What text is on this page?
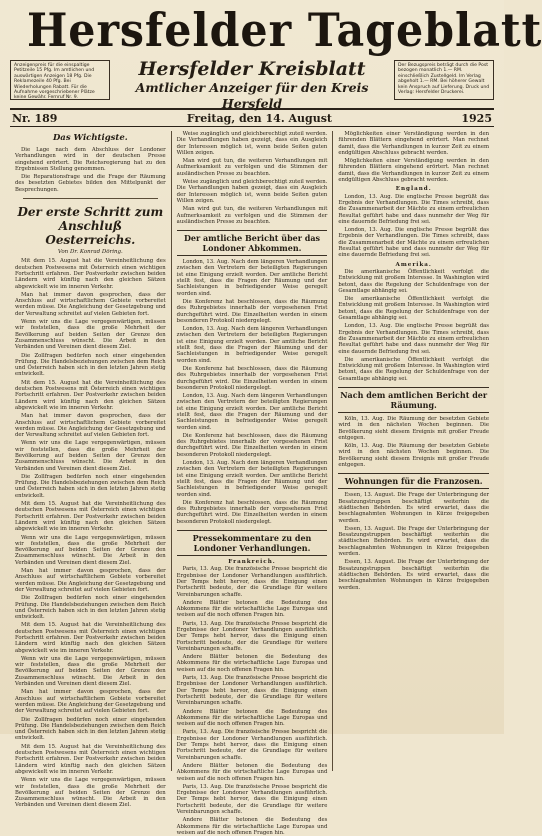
Hersfelder Tageblatt
Anzeigenpreis für die einspaltige Petitzeile 15 Pfg. Im amtlichen und auswärtigen Anzeigen 18 Pfg. Die Reklamezeile 40 Pfg. Bei Wiederholungen Rabatt. Für die Aufnahme vorgeschriebener Plätze keine Gewähr. Fernruf Nr. 9.
Hersfelder Kreisblatt
Amtlicher Anzeiger für den Kreis Hersfeld
Der Bezugspreis beträgt durch die Post bezogen monatlich 1.— RM. einschließlich Zustellgeld. Im Verlag abgeholt 1.— RM. Bei höherer Gewalt kein Anspruch auf Lieferung. Druck und Verlag: Hersfelder Druckerei.
Nr. 189	Freitag, den 14. August	1925
Das Wichtigste.

Die Lage nach dem Abschluss der Londoner Verhandlungen wird in der deutschen Presse eingehend erörtert. Die Reichsregierung hat zu den Ergebnissen Stellung genommen.

Die Reparationsfrage und die Frage der Räumung des besetzten Gebietes bilden den Mittelpunkt der Besprechungen.

Der erste Schritt zum Anschluß Oesterreichs.
Von Dr. Konrad Döring.

Mit dem 15. August hat die Vereinheitlichung des deutschen Postwesens mit Österreich einen wichtigen Fortschritt erfahren. Der Postverkehr zwischen beiden Ländern wird künftig nach den gleichen Sätzen abgewickelt wie im inneren Verkehr.

Man hat immer davon gesprochen, dass der Anschluss auf wirtschaftlichem Gebiete vorbereitet werden müsse. Die Angleichung der Gesetzgebung und der Verwaltung schreitet auf vielen Gebieten fort.

Wenn wir uns die Lage vergegenwärtigen, müssen wir feststellen, dass die große Mehrheit der Bevölkerung auf beiden Seiten der Grenze den Zusammenschluss wünscht. Die Arbeit in den Verbänden und Vereinen dient diesem Ziel.

Die Zollfragen bedürfen noch einer eingehenden Prüfung. Die Handelsbeziehungen zwischen dem Reich und Österreich haben sich in den letzten Jahren stetig entwickelt.

Mit dem 15. August hat die Vereinheitlichung des deutschen Postwesens mit Österreich einen wichtigen Fortschritt erfahren. Der Postverkehr zwischen beiden Ländern wird künftig nach den gleichen Sätzen abgewickelt wie im inneren Verkehr.

Man hat immer davon gesprochen, dass der Anschluss auf wirtschaftlichem Gebiete vorbereitet werden müsse. Die Angleichung der Gesetzgebung und der Verwaltung schreitet auf vielen Gebieten fort.

Wenn wir uns die Lage vergegenwärtigen, müssen wir feststellen, dass die große Mehrheit der Bevölkerung auf beiden Seiten der Grenze den Zusammenschluss wünscht. Die Arbeit in den Verbänden und Vereinen dient diesem Ziel.

Die Zollfragen bedürfen noch einer eingehenden Prüfung. Die Handelsbeziehungen zwischen dem Reich und Österreich haben sich in den letzten Jahren stetig entwickelt.

Mit dem 15. August hat die Vereinheitlichung des deutschen Postwesens mit Österreich einen wichtigen Fortschritt erfahren. Der Postverkehr zwischen beiden Ländern wird künftig nach den gleichen Sätzen abgewickelt wie im inneren Verkehr.

Wenn wir uns die Lage vergegenwärtigen, müssen wir feststellen, dass die große Mehrheit der Bevölkerung auf beiden Seiten der Grenze den Zusammenschluss wünscht. Die Arbeit in den Verbänden und Vereinen dient diesem Ziel.

Man hat immer davon gesprochen, dass der Anschluss auf wirtschaftlichem Gebiete vorbereitet werden müsse. Die Angleichung der Gesetzgebung und der Verwaltung schreitet auf vielen Gebieten fort.

Die Zollfragen bedürfen noch einer eingehenden Prüfung. Die Handelsbeziehungen zwischen dem Reich und Österreich haben sich in den letzten Jahren stetig entwickelt.

Mit dem 15. August hat die Vereinheitlichung des deutschen Postwesens mit Österreich einen wichtigen Fortschritt erfahren. Der Postverkehr zwischen beiden Ländern wird künftig nach den gleichen Sätzen abgewickelt wie im inneren Verkehr.

Wenn wir uns die Lage vergegenwärtigen, müssen wir feststellen, dass die große Mehrheit der Bevölkerung auf beiden Seiten der Grenze den Zusammenschluss wünscht. Die Arbeit in den Verbänden und Vereinen dient diesem Ziel.

Man hat immer davon gesprochen, dass der Anschluss auf wirtschaftlichem Gebiete vorbereitet werden müsse. Die Angleichung der Gesetzgebung und der Verwaltung schreitet auf vielen Gebieten fort.

Die Zollfragen bedürfen noch einer eingehenden Prüfung. Die Handelsbeziehungen zwischen dem Reich und Österreich haben sich in den letzten Jahren stetig entwickelt.

Mit dem 15. August hat die Vereinheitlichung des deutschen Postwesens mit Österreich einen wichtigen Fortschritt erfahren. Der Postverkehr zwischen beiden Ländern wird künftig nach den gleichen Sätzen abgewickelt wie im inneren Verkehr.

Wenn wir uns die Lage vergegenwärtigen, müssen wir feststellen, dass die große Mehrheit der Bevölkerung auf beiden Seiten der Grenze den Zusammenschluss wünscht. Die Arbeit in den Verbänden und Vereinen dient diesem Ziel.

Weise zugänglich und gleichberechtigt zuteil werden. Die Verhandlungen haben gezeigt, dass ein Ausgleich der Interessen möglich ist, wenn beide Seiten guten Willen zeigen.

Man wird gut tun, die weiteren Verhandlungen mit Aufmerksamkeit zu verfolgen und die Stimmen der ausländischen Presse zu beachten.

Weise zugänglich und gleichberechtigt zuteil werden. Die Verhandlungen haben gezeigt, dass ein Ausgleich der Interessen möglich ist, wenn beide Seiten guten Willen zeigen.

Man wird gut tun, die weiteren Verhandlungen mit Aufmerksamkeit zu verfolgen und die Stimmen der ausländischen Presse zu beachten.

Der amtliche Bericht über das Londoner Abkommen.

London, 13. Aug. Nach dem längeren Verhandlungen zwischen den Vertretern der beteiligten Regierungen ist eine Einigung erzielt worden. Der amtliche Bericht stellt fest, dass die Fragen der Räumung und der Sachleistungen in befriedigender Weise geregelt worden sind.

Die Konferenz hat beschlossen, dass die Räumung des Ruhrgebietes innerhalb der vorgesehenen Frist durchgeführt wird. Die Einzelheiten werden in einem besonderen Protokoll niedergelegt.

London, 13. Aug. Nach dem längeren Verhandlungen zwischen den Vertretern der beteiligten Regierungen ist eine Einigung erzielt worden. Der amtliche Bericht stellt fest, dass die Fragen der Räumung und der Sachleistungen in befriedigender Weise geregelt worden sind.

Die Konferenz hat beschlossen, dass die Räumung des Ruhrgebietes innerhalb der vorgesehenen Frist durchgeführt wird. Die Einzelheiten werden in einem besonderen Protokoll niedergelegt.

London, 13. Aug. Nach dem längeren Verhandlungen zwischen den Vertretern der beteiligten Regierungen ist eine Einigung erzielt worden. Der amtliche Bericht stellt fest, dass die Fragen der Räumung und der Sachleistungen in befriedigender Weise geregelt worden sind.

Die Konferenz hat beschlossen, dass die Räumung des Ruhrgebietes innerhalb der vorgesehenen Frist durchgeführt wird. Die Einzelheiten werden in einem besonderen Protokoll niedergelegt.

London, 13. Aug. Nach dem längeren Verhandlungen zwischen den Vertretern der beteiligten Regierungen ist eine Einigung erzielt worden. Der amtliche Bericht stellt fest, dass die Fragen der Räumung und der Sachleistungen in befriedigender Weise geregelt worden sind.

Die Konferenz hat beschlossen, dass die Räumung des Ruhrgebietes innerhalb der vorgesehenen Frist durchgeführt wird. Die Einzelheiten werden in einem besonderen Protokoll niedergelegt.

Pressekommentare zu den Londoner Verhandlungen.
Frankreich.

Paris, 13. Aug. Die französische Presse bespricht die Ergebnisse der Londoner Verhandlungen ausführlich. Der Temps hebt hervor, dass die Einigung einen Fortschritt bedeute, der die Grundlage für weitere Vereinbarungen schaffe.

Andere Blätter betonen die Bedeutung des Abkommens für die wirtschaftliche Lage Europas und weisen auf die noch offenen Fragen hin.

Paris, 13. Aug. Die französische Presse bespricht die Ergebnisse der Londoner Verhandlungen ausführlich. Der Temps hebt hervor, dass die Einigung einen Fortschritt bedeute, der die Grundlage für weitere Vereinbarungen schaffe.

Andere Blätter betonen die Bedeutung des Abkommens für die wirtschaftliche Lage Europas und weisen auf die noch offenen Fragen hin.

Paris, 13. Aug. Die französische Presse bespricht die Ergebnisse der Londoner Verhandlungen ausführlich. Der Temps hebt hervor, dass die Einigung einen Fortschritt bedeute, der die Grundlage für weitere Vereinbarungen schaffe.

Andere Blätter betonen die Bedeutung des Abkommens für die wirtschaftliche Lage Europas und weisen auf die noch offenen Fragen hin.

Paris, 13. Aug. Die französische Presse bespricht die Ergebnisse der Londoner Verhandlungen ausführlich. Der Temps hebt hervor, dass die Einigung einen Fortschritt bedeute, der die Grundlage für weitere Vereinbarungen schaffe.

Andere Blätter betonen die Bedeutung des Abkommens für die wirtschaftliche Lage Europas und weisen auf die noch offenen Fragen hin.

Paris, 13. Aug. Die französische Presse bespricht die Ergebnisse der Londoner Verhandlungen ausführlich. Der Temps hebt hervor, dass die Einigung einen Fortschritt bedeute, der die Grundlage für weitere Vereinbarungen schaffe.

Andere Blätter betonen die Bedeutung des Abkommens für die wirtschaftliche Lage Europas und weisen auf die noch offenen Fragen hin.

Möglichkeiten einer Verständigung werden in den führenden Blättern eingehend erörtert. Man rechnet damit, dass die Verhandlungen in kurzer Zeit zu einem endgültigen Abschluss gebracht werden.

Möglichkeiten einer Verständigung werden in den führenden Blättern eingehend erörtert. Man rechnet damit, dass die Verhandlungen in kurzer Zeit zu einem endgültigen Abschluss gebracht werden.

England.

London, 13. Aug. Die englische Presse begrüßt das Ergebnis der Verhandlungen. Die Times schreibt, dass die Zusammenarbeit der Mächte zu einem erfreulichen Resultat geführt habe und dass nunmehr der Weg für eine dauernde Befriedung frei sei.

London, 13. Aug. Die englische Presse begrüßt das Ergebnis der Verhandlungen. Die Times schreibt, dass die Zusammenarbeit der Mächte zu einem erfreulichen Resultat geführt habe und dass nunmehr der Weg für eine dauernde Befriedung frei sei.

Amerika.

Die amerikanische Öffentlichkeit verfolgt die Entwicklung mit großem Interesse. In Washington wird betont, dass die Regelung der Schuldenfrage von der Gesamtlage abhängig sei.

Die amerikanische Öffentlichkeit verfolgt die Entwicklung mit großem Interesse. In Washington wird betont, dass die Regelung der Schuldenfrage von der Gesamtlage abhängig sei.

London, 13. Aug. Die englische Presse begrüßt das Ergebnis der Verhandlungen. Die Times schreibt, dass die Zusammenarbeit der Mächte zu einem erfreulichen Resultat geführt habe und dass nunmehr der Weg für eine dauernde Befriedung frei sei.

Die amerikanische Öffentlichkeit verfolgt die Entwicklung mit großem Interesse. In Washington wird betont, dass die Regelung der Schuldenfrage von der Gesamtlage abhängig sei.

Nach dem amtlichen Bericht der Räumung.

Köln, 13. Aug. Die Räumung der besetzten Gebiete wird in den nächsten Wochen beginnen. Die Bevölkerung sieht diesem Ereignis mit großer Freude entgegen.

Köln, 13. Aug. Die Räumung der besetzten Gebiete wird in den nächsten Wochen beginnen. Die Bevölkerung sieht diesem Ereignis mit großer Freude entgegen.

Wohnungen für die Franzosen.

Essen, 13. August. Die Frage der Unterbringung der Besatzungstruppen beschäftigt weiterhin die städtischen Behörden. Es wird erwartet, dass die beschlagnahmten Wohnungen in Kürze freigegeben werden.

Essen, 13. August. Die Frage der Unterbringung der Besatzungstruppen beschäftigt weiterhin die städtischen Behörden. Es wird erwartet, dass die beschlagnahmten Wohnungen in Kürze freigegeben werden.

Essen, 13. August. Die Frage der Unterbringung der Besatzungstruppen beschäftigt weiterhin die städtischen Behörden. Es wird erwartet, dass die beschlagnahmten Wohnungen in Kürze freigegeben werden.
